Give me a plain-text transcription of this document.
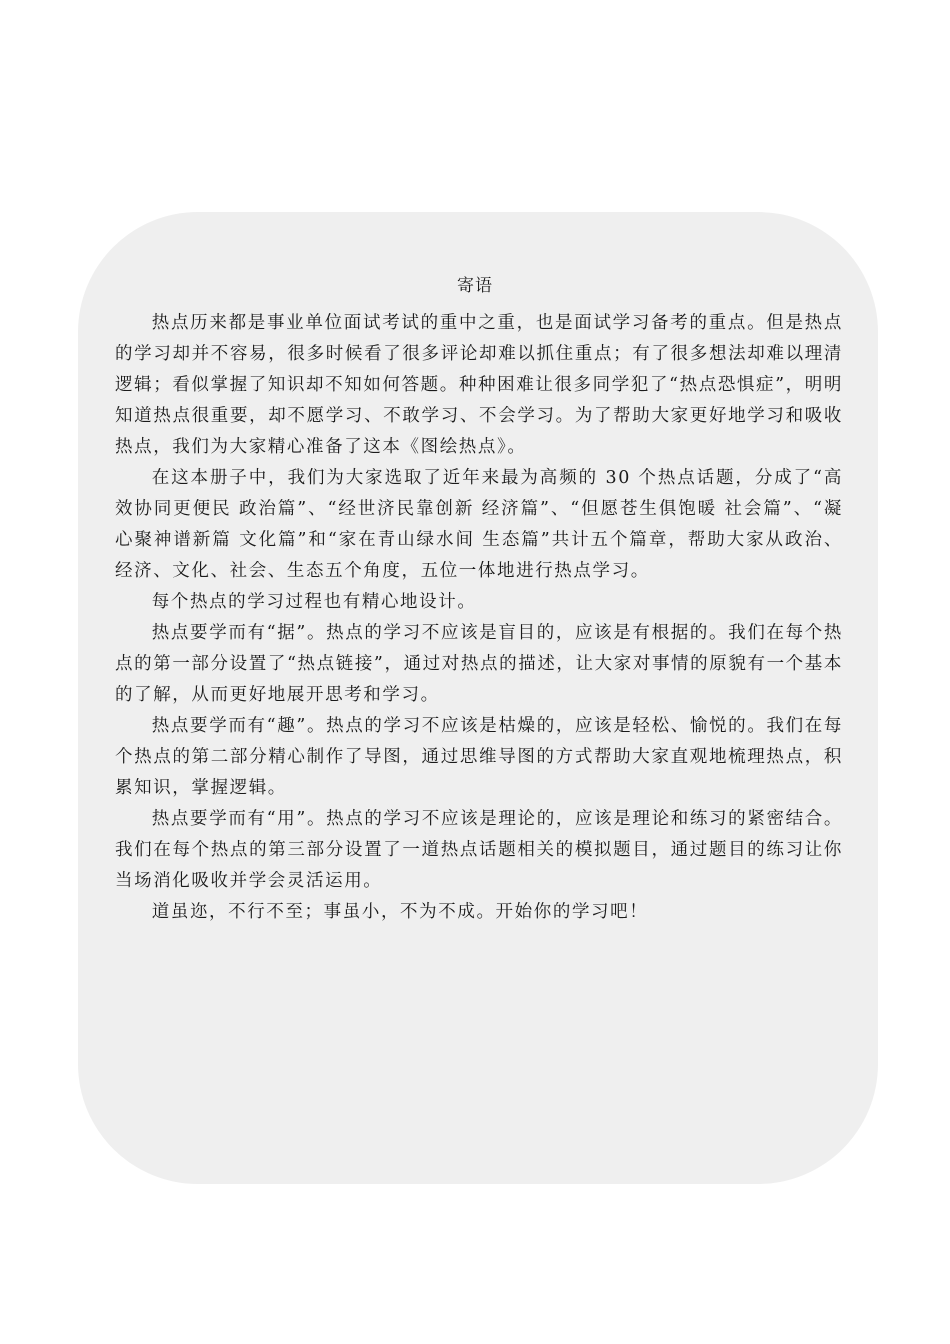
寄语

热点历来都是事业单位面试考试的重中之重，也是面试学习备考的重点。但是热点的学习却并不容易，很多时候看了很多评论却难以抓住重点；有了很多想法却难以理清逻辑；看似掌握了知识却不知如何答题。种种困难让很多同学犯了“热点恐惧症”，明明知道热点很重要，却不愿学习、不敢学习、不会学习。为了帮助大家更好地学习和吸收热点，我们为大家精心准备了这本《图绘热点》。

在这本册子中，我们为大家选取了近年来最为高频的 30 个热点话题，分成了“高效协同更便民 政治篇”、“经世济民靠创新 经济篇”、“但愿苍生俱饱暖 社会篇”、“凝心聚神谱新篇 文化篇”和“家在青山绿水间 生态篇”共计五个篇章，帮助大家从政治、经济、文化、社会、生态五个角度，五位一体地进行热点学习。

每个热点的学习过程也有精心地设计。

热点要学而有“据”。热点的学习不应该是盲目的，应该是有根据的。我们在每个热点的第一部分设置了“热点链接”，通过对热点的描述，让大家对事情的原貌有一个基本的了解，从而更好地展开思考和学习。

热点要学而有“趣”。热点的学习不应该是枯燥的，应该是轻松、愉悦的。我们在每个热点的第二部分精心制作了导图，通过思维导图的方式帮助大家直观地梳理热点，积累知识，掌握逻辑。

热点要学而有“用”。热点的学习不应该是理论的，应该是理论和练习的紧密结合。我们在每个热点的第三部分设置了一道热点话题相关的模拟题目，通过题目的练习让你当场消化吸收并学会灵活运用。

道虽迩，不行不至；事虽小，不为不成。开始你的学习吧！
